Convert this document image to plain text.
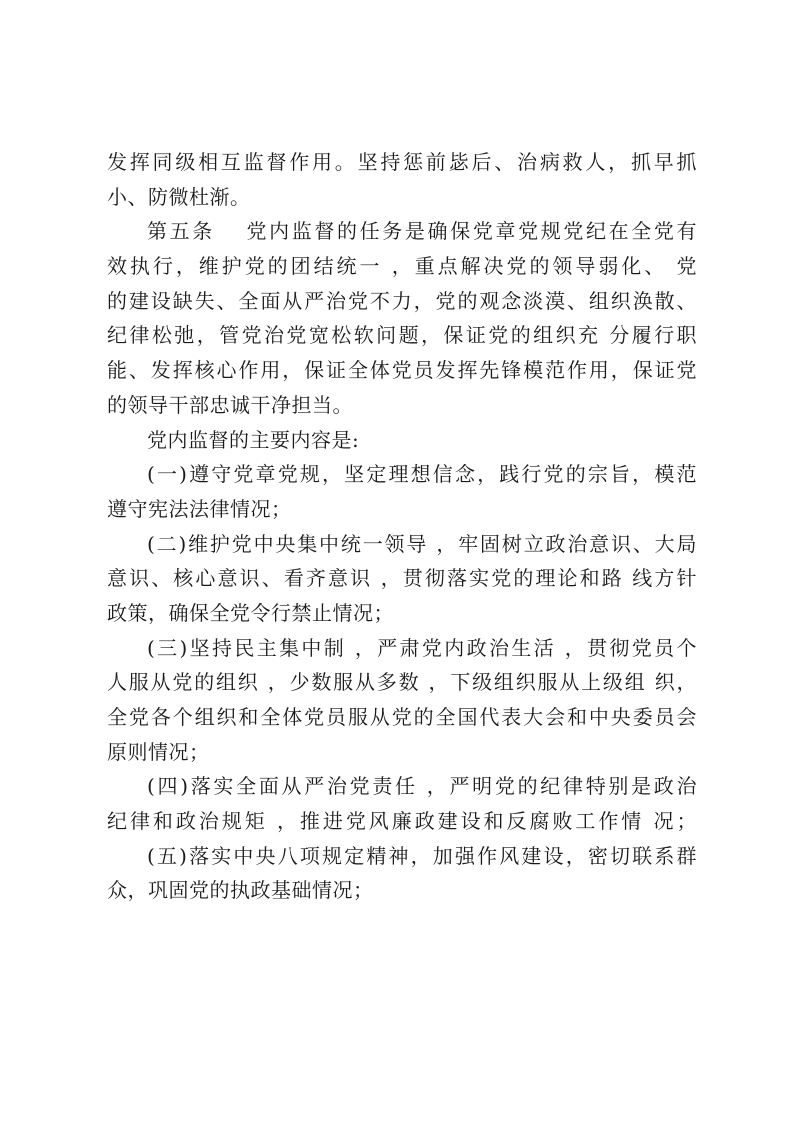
发挥同级相互监督作用。坚持惩前毖后、治病救人，抓早抓
小、防微杜渐。
第五条　 党内监督的任务是确保党章党规党纪在全党有
效执行，维护党的团结统一 ，重点解决党的领导弱化、 党
的建设缺失、全面从严治党不力，党的观念淡漠、组织涣散、
纪律松弛，管党治党宽松软问题，保证党的组织充 分履行职
能、发挥核心作用，保证全体党员发挥先锋模范作用，保证党
的领导干部忠诚干净担当。
党内监督的主要内容是:
(一)遵守党章党规，坚定理想信念，践行党的宗旨，模范
遵守宪法法律情况；
(二)维护党中央集中统一领导 ，牢固树立政治意识、大局
意识、核心意识、看齐意识 ，贯彻落实党的理论和路 线方针
政策，确保全党令行禁止情况；
(三)坚持民主集中制 ，严肃党内政治生活 ，贯彻党员个
人服从党的组织 ，少数服从多数 ，下级组织服从上级组 织，
全党各个组织和全体党员服从党的全国代表大会和中央委员会
原则情况；
(四)落实全面从严治党责任 ，严明党的纪律特别是政治
纪律和政治规矩 ，推进党风廉政建设和反腐败工作情 况；
(五)落实中央八项规定精神，加强作风建设，密切联系群
众，巩固党的执政基础情况；
